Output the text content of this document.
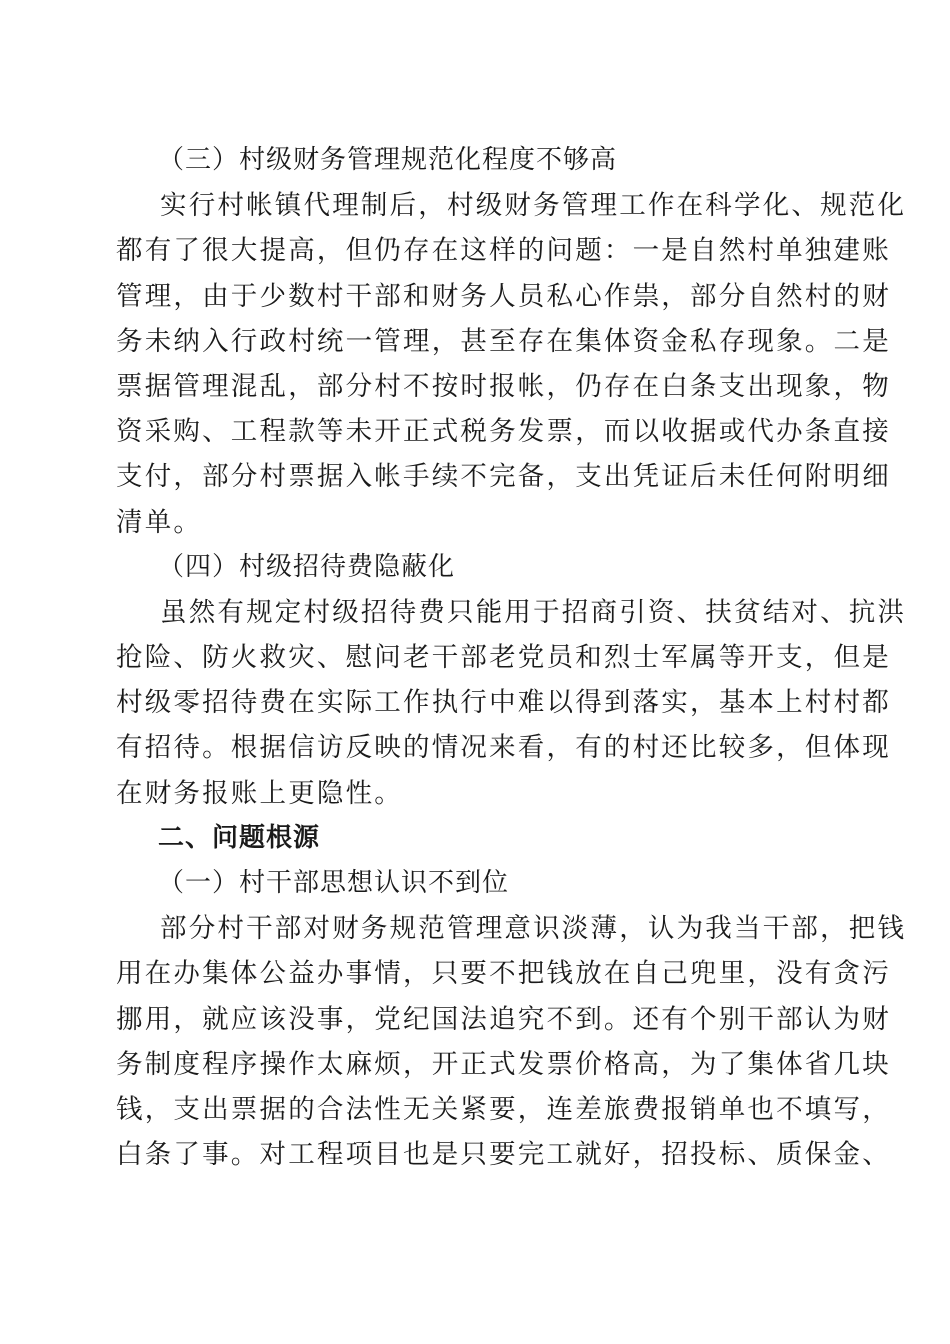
（三）村级财务管理规范化程度不够高
实行村帐镇代理制后，村级财务管理工作在科学化、规范化
都有了很大提高，但仍存在这样的问题：一是自然村单独建账
管理，由于少数村干部和财务人员私心作祟，部分自然村的财
务未纳入行政村统一管理，甚至存在集体资金私存现象。二是
票据管理混乱，部分村不按时报帐，仍存在白条支出现象，物
资采购、工程款等未开正式税务发票，而以收据或代办条直接
支付，部分村票据入帐手续不完备，支出凭证后未任何附明细
清单。
（四）村级招待费隐蔽化
虽然有规定村级招待费只能用于招商引资、扶贫结对、抗洪
抢险、防火救灾、慰问老干部老党员和烈士军属等开支，但是
村级零招待费在实际工作执行中难以得到落实，基本上村村都
有招待。根据信访反映的情况来看，有的村还比较多，但体现
在财务报账上更隐性。
二、问题根源
（一）村干部思想认识不到位
部分村干部对财务规范管理意识淡薄，认为我当干部，把钱
用在办集体公益办事情，只要不把钱放在自己兜里，没有贪污
挪用，就应该没事，党纪国法追究不到。还有个别干部认为财
务制度程序操作太麻烦，开正式发票价格高，为了集体省几块
钱，支出票据的合法性无关紧要，连差旅费报销单也不填写，
白条了事。对工程项目也是只要完工就好，招投标、质保金、
